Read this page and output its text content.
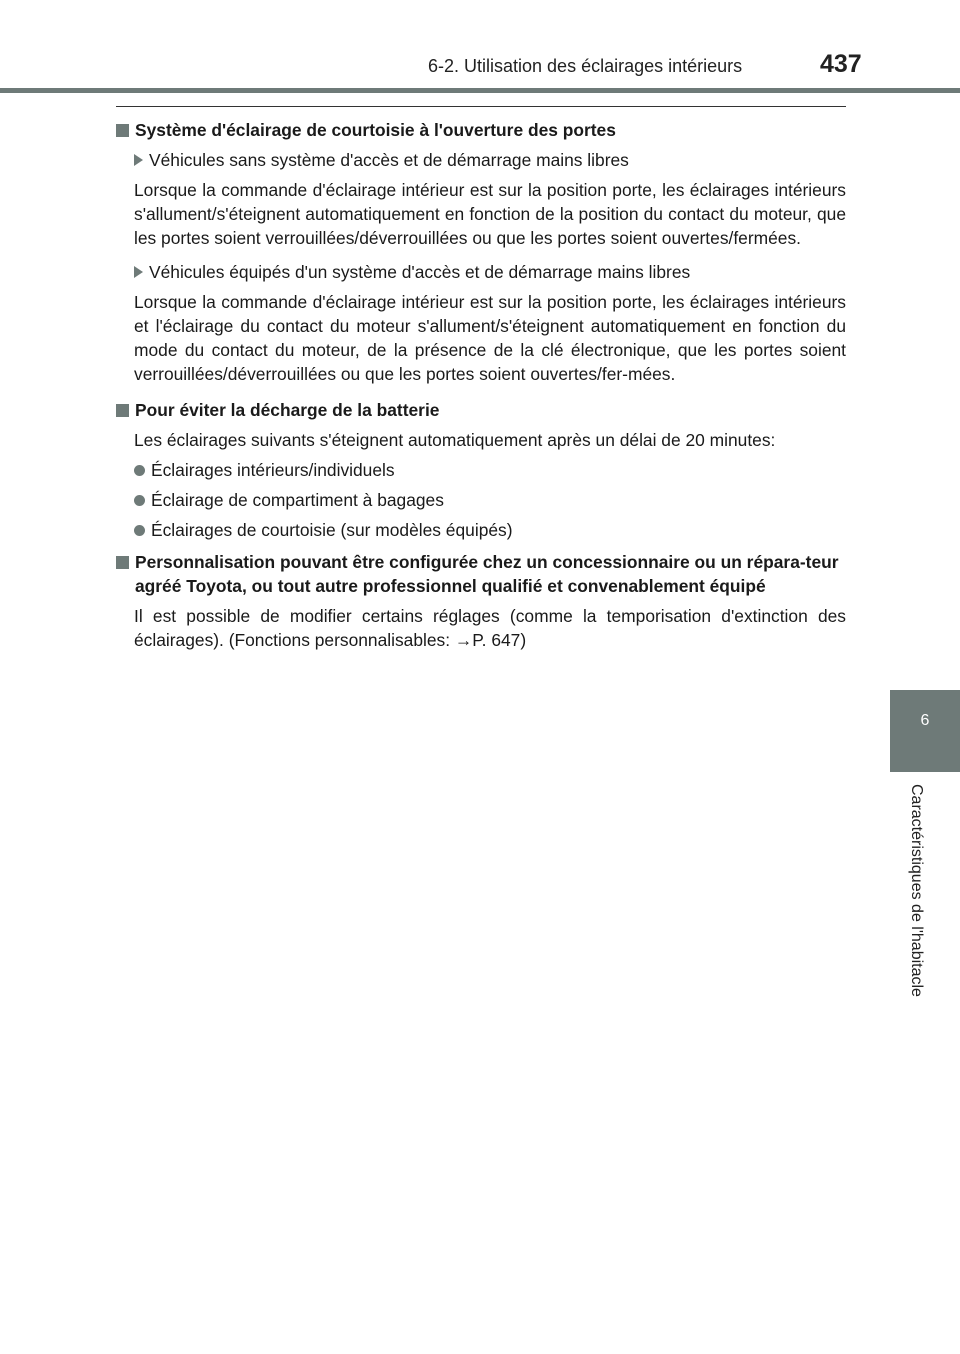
6-2. Utilisation des éclairages intérieurs	437
6
Caractéristiques de l'habitacle
Système d'éclairage de courtoisie à l'ouverture des portes
Véhicules sans système d'accès et de démarrage mains libres

Lorsque la commande d'éclairage intérieur est sur la position porte, les éclairages intérieurs s'allument/s'éteignent automatiquement en fonction de la position du contact du moteur, que les portes soient verrouillées/déverrouillées ou que les portes soient ouvertes/fermées.

Véhicules équipés d'un système d'accès et de démarrage mains libres

Lorsque la commande d'éclairage intérieur est sur la position porte, les éclairages intérieurs et l'éclairage du contact du moteur s'allument/s'éteignent automatiquement en fonction du mode du contact du moteur, de la présence de la clé électronique, que les portes soient verrouillées/déverrouillées ou que les portes soient ouvertes/fer-mées.

Pour éviter la décharge de la batterie

Les éclairages suivants s'éteignent automatiquement après un délai de 20 minutes:

Éclairages intérieurs/individuels
Éclairage de compartiment à bagages
Éclairages de courtoisie (sur modèles équipés)
Personnalisation pouvant être configurée chez un concessionnaire ou un répara-teur agréé Toyota, ou tout autre professionnel qualifié et convenablement équipé

Il est possible de modifier certains réglages (comme la temporisation d'extinction des éclairages). (Fonctions personnalisables: →P. 647)
